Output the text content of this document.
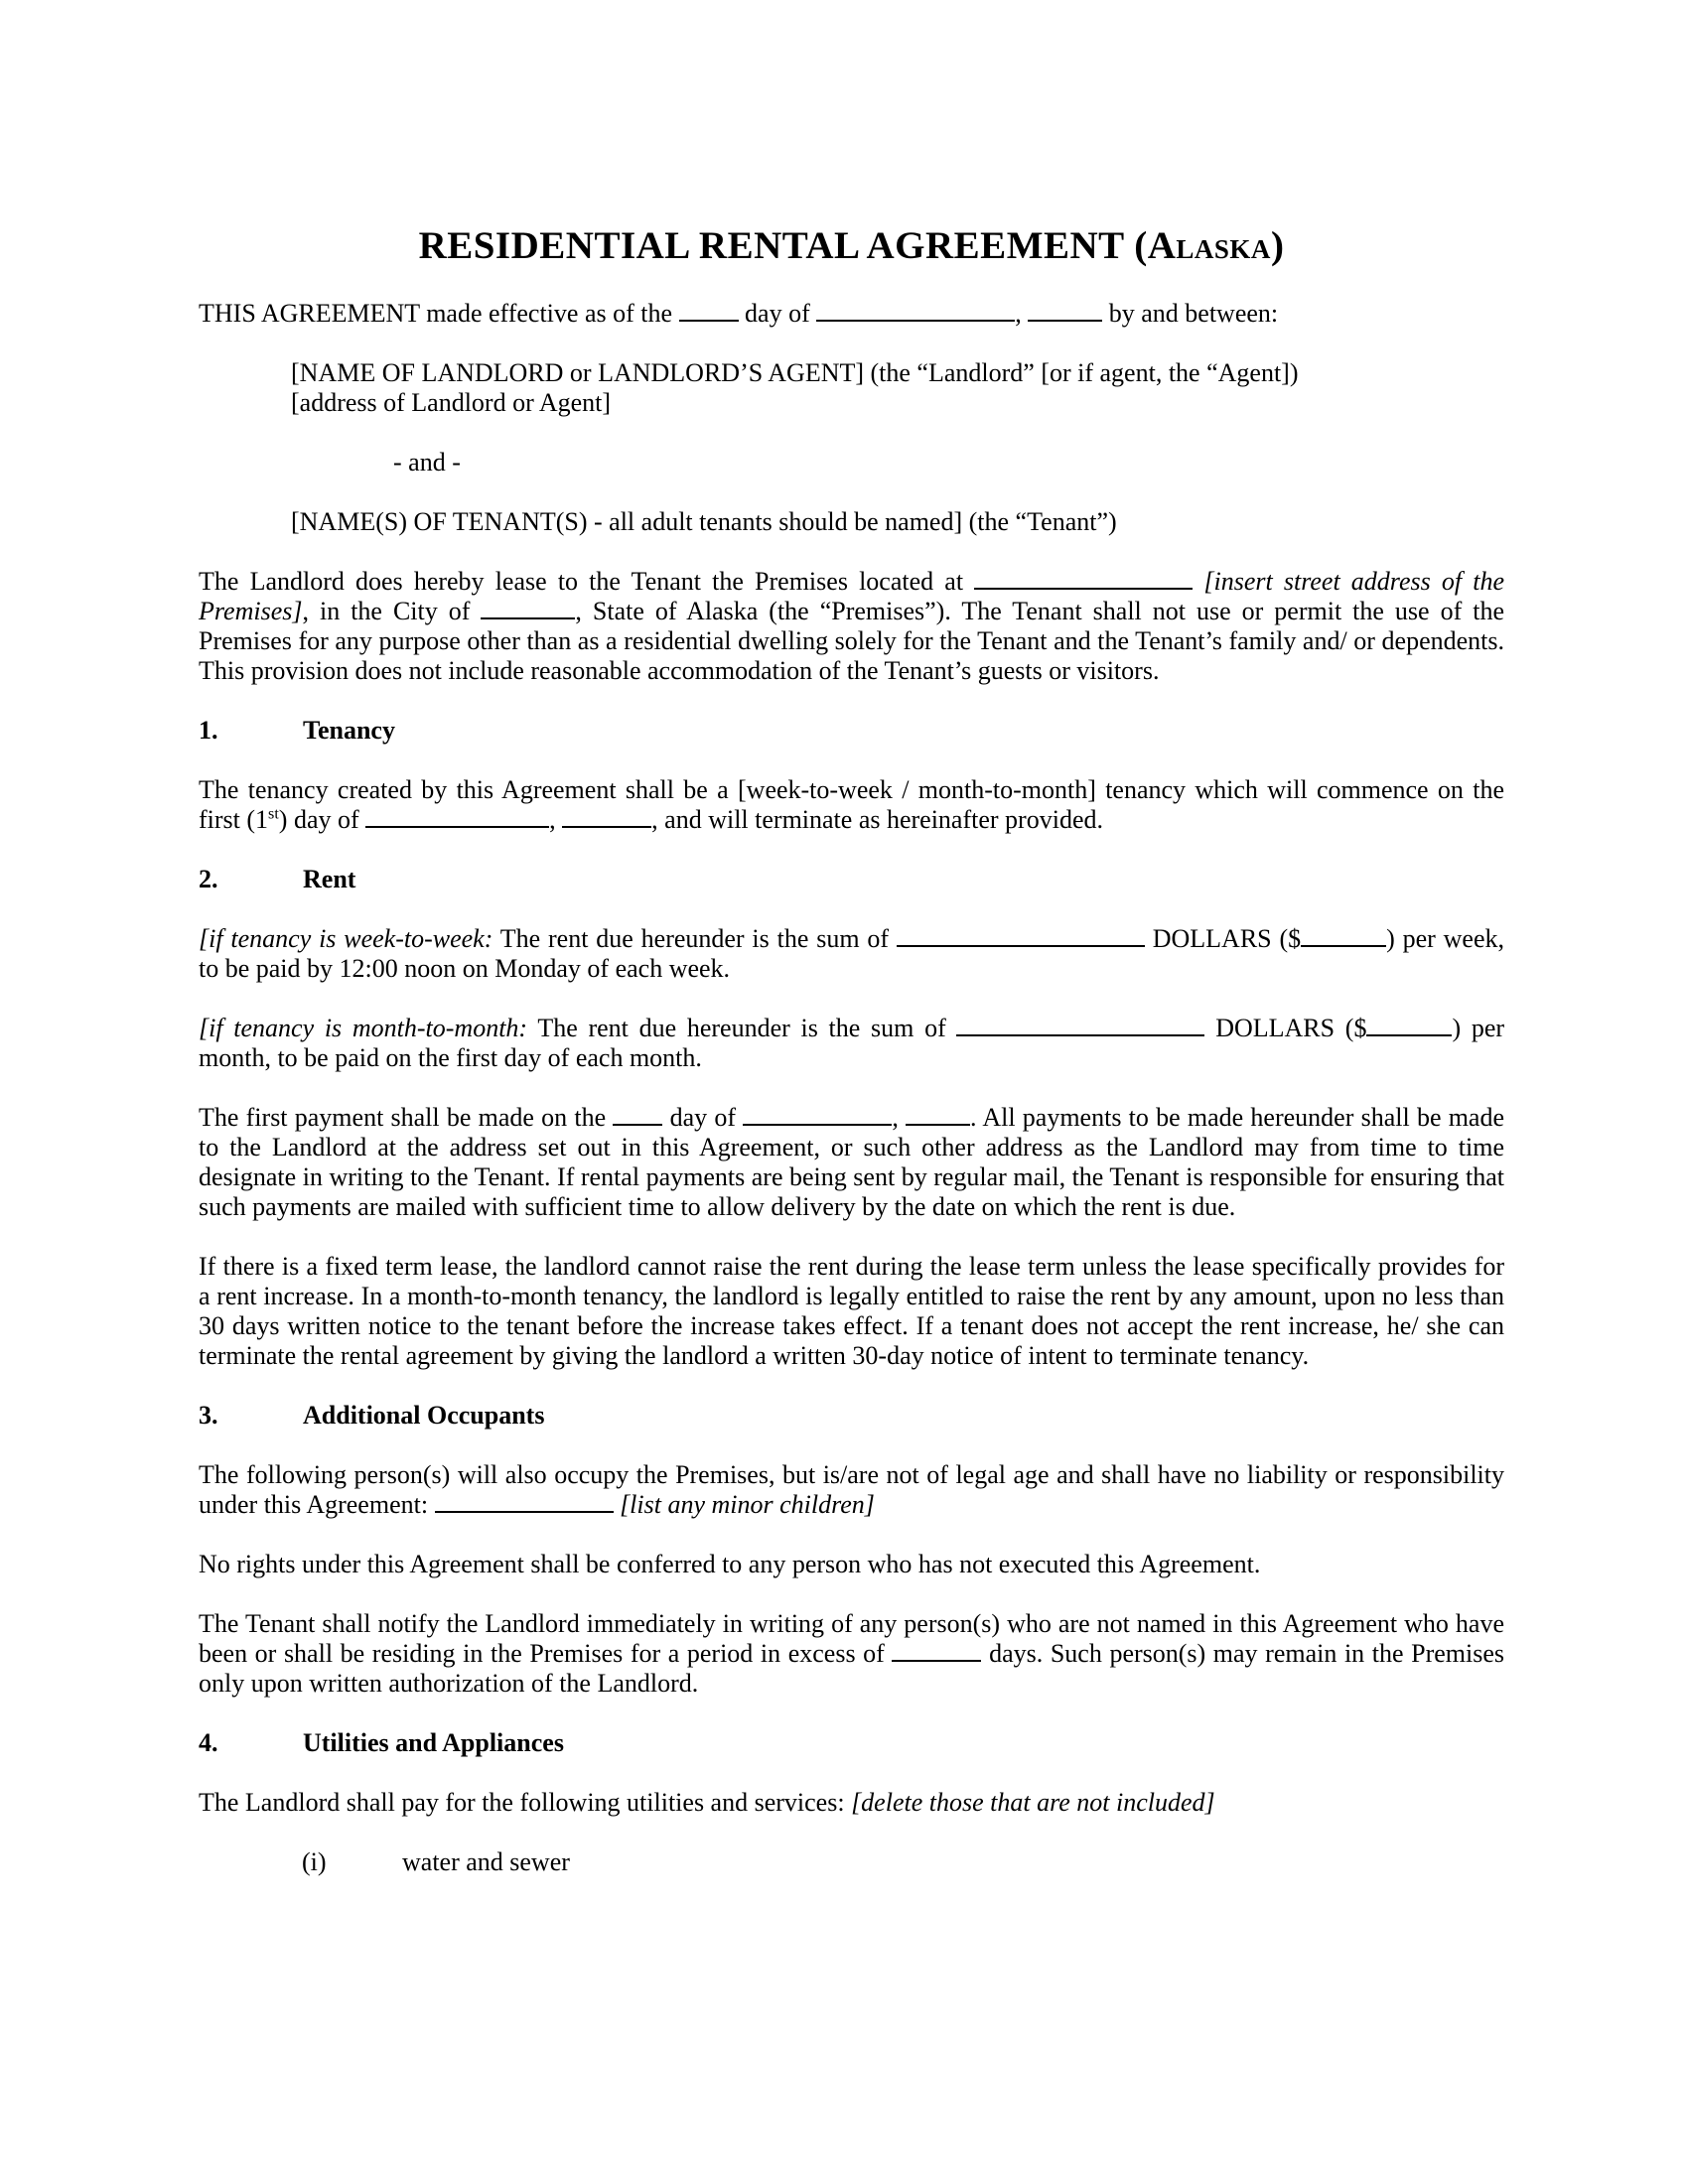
RESIDENTIAL RENTAL AGREEMENT (Alaska)

THIS AGREEMENT made effective as of the	day of	,	by and between:

[NAME OF LANDLORD or LANDLORD’S AGENT] (the “Landlord” [or if agent, the “Agent])
[address of Landlord or Agent]

- and -

[NAME(S) OF TENANT(S) - all adult tenants should be named] (the “Tenant”)

The Landlord does hereby lease to the Tenant the Premises located at	[insert street address of the Premises], in the City of	, State of Alaska (the “Premises”). The Tenant shall not use or permit the use of the Premises for any purpose other than as a residential dwelling solely for the Tenant and the Tenant’s family and/ or dependents. This provision does not include reasonable accommodation of the Tenant’s guests or visitors.

1.	Tenancy

The tenancy created by this Agreement shall be a [week-to-week / month-to-month] tenancy which will commence on the first (1st) day of	,	, and will terminate as hereinafter provided.

2.	Rent

[if tenancy is week-to-week: The rent due hereunder is the sum of	DOLLARS ($	) per week, to be paid by 12:00 noon on Monday of each week.

[if tenancy is month-to-month: The rent due hereunder is the sum of	DOLLARS ($	) per month, to be paid on the first day of each month.

The first payment shall be made on the day of	,	. All payments to be made hereunder shall be made to the Landlord at the address set out in this Agreement, or such other address as the Landlord may from time to time designate in writing to the Tenant. If rental payments are being sent by regular mail, the Tenant is responsible for ensuring that such payments are mailed with sufficient time to allow delivery by the date on which the rent is due.

If there is a fixed term lease, the landlord cannot raise the rent during the lease term unless the lease specifically provides for a rent increase. In a month-to-month tenancy, the landlord is legally entitled to raise the rent by any amount, upon no less than 30 days written notice to the tenant before the increase takes effect. If a tenant does not accept the rent increase, he/ she can terminate the rental agreement by giving the landlord a written 30-day notice of intent to terminate tenancy.

3.	Additional Occupants

The following person(s) will also occupy the Premises, but is/are not of legal age and shall have no liability or responsibility under this Agreement:	[list any minor children]

No rights under this Agreement shall be conferred to any person who has not executed this Agreement.

The Tenant shall notify the Landlord immediately in writing of any person(s) who are not named in this Agreement who have been or shall be residing in the Premises for a period in excess of	days. Such person(s) may remain in the Premises only upon written authorization of the Landlord.

4.	Utilities and Appliances

The Landlord shall pay for the following utilities and services: [delete those that are not included]

(i)	water and sewer
